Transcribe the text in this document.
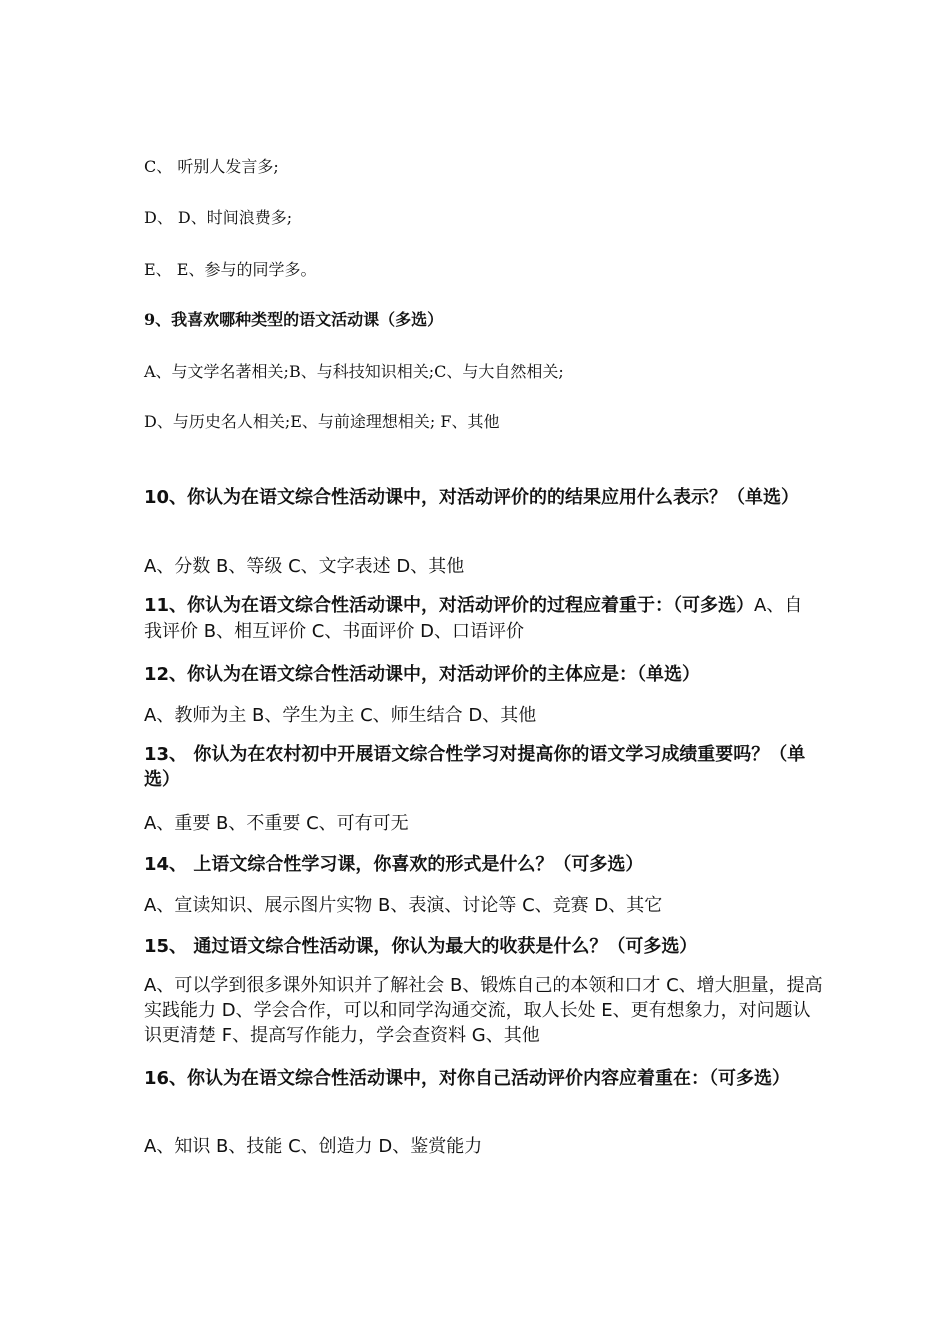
C、 听别人发言多;
D、 D、时间浪费多;
E、 E、参与的同学多。
9、我喜欢哪种类型的语文活动课（多选）
A、与文学名著相关;B、与科技知识相关;C、与大自然相关;
D、与历史名人相关;E、与前途理想相关; F、其他
10、你认为在语文综合性活动课中，对活动评价的的结果应用什么表示？（单选）
A、分数 B、等级 C、文字表述 D、其他
11、你认为在语文综合性活动课中，对活动评价的过程应着重于：（可多选）A、自我评价 B、相互评价 C、书面评价 D、口语评价
12、你认为在语文综合性活动课中，对活动评价的主体应是：（单选）
A、教师为主 B、学生为主 C、师生结合 D、其他
13、 你认为在农村初中开展语文综合性学习对提高你的语文学习成绩重要吗？（单选）
A、重要 B、不重要 C、可有可无
14、 上语文综合性学习课，你喜欢的形式是什么？（可多选）
A、宣读知识、展示图片实物 B、表演、讨论等 C、竞赛 D、其它
15、 通过语文综合性活动课，你认为最大的收获是什么？（可多选）
A、可以学到很多课外知识并了解社会 B、锻炼自己的本领和口才 C、增大胆量，提高实践能力 D、学会合作，可以和同学沟通交流，取人长处 E、更有想象力，对问题认识更清楚 F、提高写作能力，学会查资料 G、其他
16、你认为在语文综合性活动课中，对你自己活动评价内容应着重在：（可多选）
A、知识 B、技能 C、创造力 D、鉴赏能力
